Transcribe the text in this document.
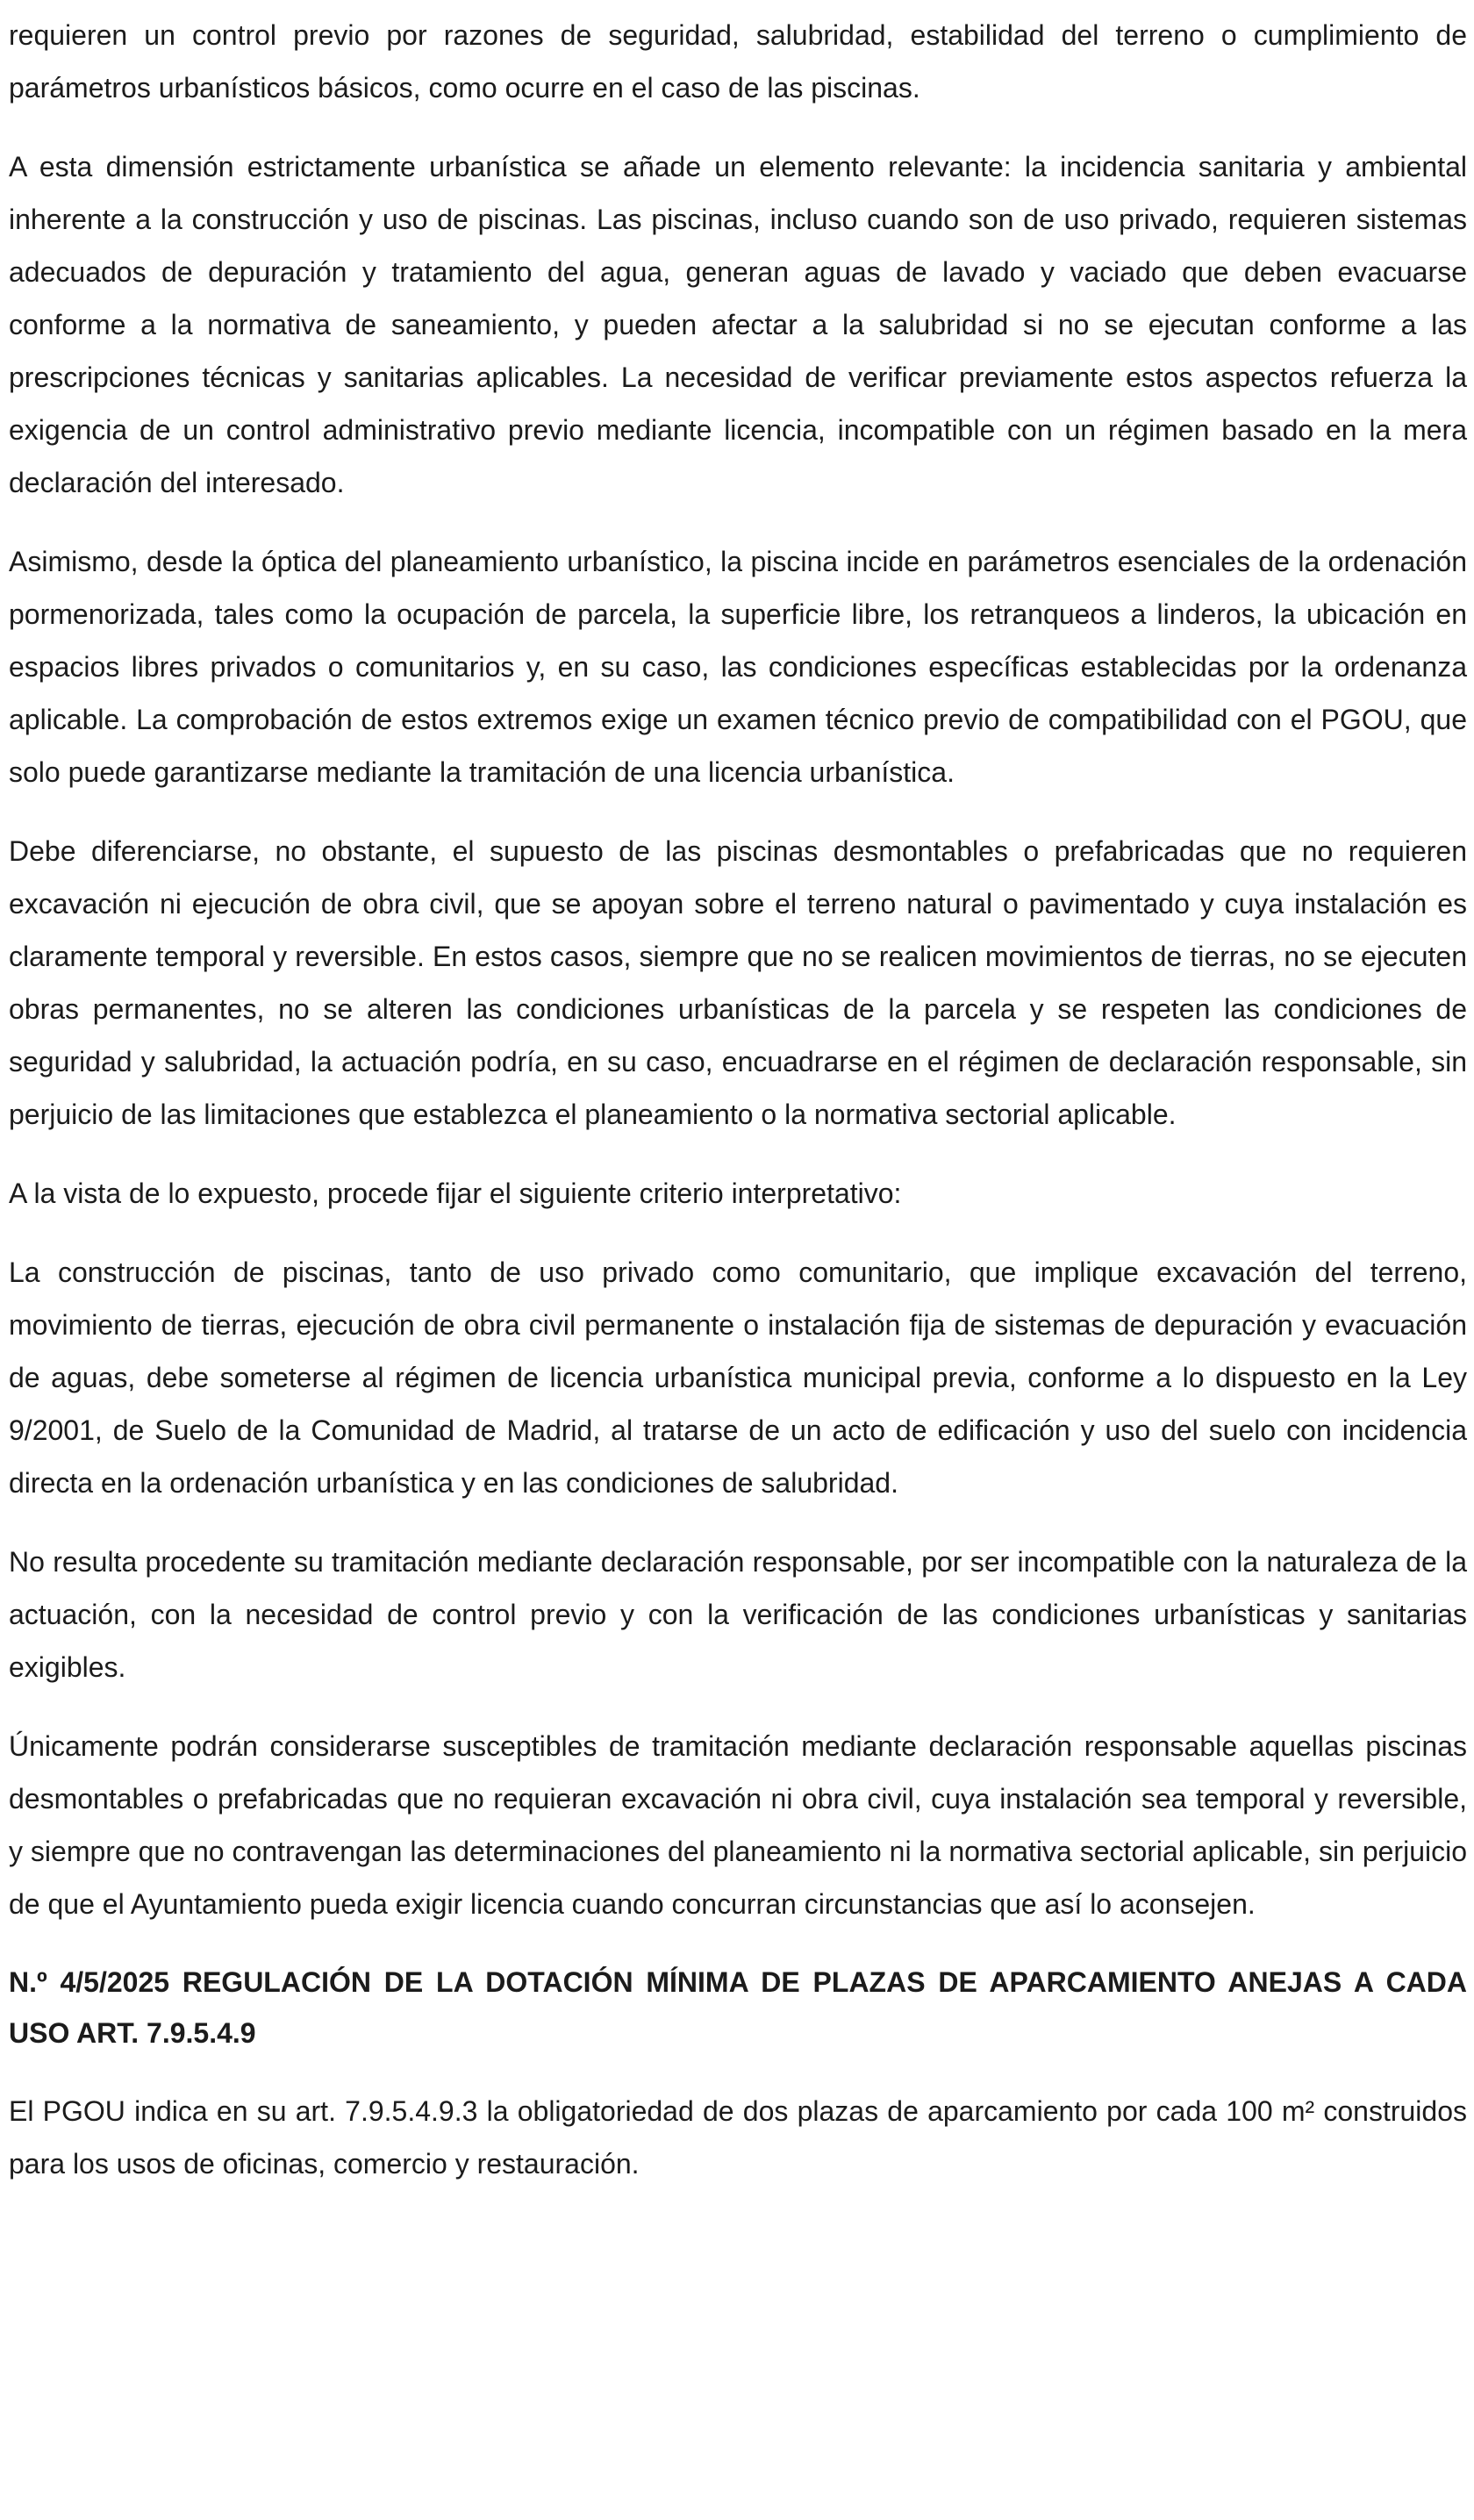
requieren un control previo por razones de seguridad, salubridad, estabilidad del terreno o cumplimiento de parámetros urbanísticos básicos, como ocurre en el caso de las piscinas.

A esta dimensión estrictamente urbanística se añade un elemento relevante: la incidencia sanitaria y ambiental inherente a la construcción y uso de piscinas. Las piscinas, incluso cuando son de uso privado, requieren sistemas adecuados de depuración y tratamiento del agua, generan aguas de lavado y vaciado que deben evacuarse conforme a la normativa de saneamiento, y pueden afectar a la salubridad si no se ejecutan conforme a las prescripciones técnicas y sanitarias aplicables. La necesidad de verificar previamente estos aspectos refuerza la exigencia de un control administrativo previo mediante licencia, incompatible con un régimen basado en la mera declaración del interesado.

Asimismo, desde la óptica del planeamiento urbanístico, la piscina incide en parámetros esenciales de la ordenación pormenorizada, tales como la ocupación de parcela, la superficie libre, los retranqueos a linderos, la ubicación en espacios libres privados o comunitarios y, en su caso, las condiciones específicas establecidas por la ordenanza aplicable. La comprobación de estos extremos exige un examen técnico previo de compatibilidad con el PGOU, que solo puede garantizarse mediante la tramitación de una licencia urbanística.

Debe diferenciarse, no obstante, el supuesto de las piscinas desmontables o prefabricadas que no requieren excavación ni ejecución de obra civil, que se apoyan sobre el terreno natural o pavimentado y cuya instalación es claramente temporal y reversible. En estos casos, siempre que no se realicen movimientos de tierras, no se ejecuten obras permanentes, no se alteren las condiciones urbanísticas de la parcela y se respeten las condiciones de seguridad y salubridad, la actuación podría, en su caso, encuadrarse en el régimen de declaración responsable, sin perjuicio de las limitaciones que establezca el planeamiento o la normativa sectorial aplicable.

A la vista de lo expuesto, procede fijar el siguiente criterio interpretativo:

La construcción de piscinas, tanto de uso privado como comunitario, que implique excavación del terreno, movimiento de tierras, ejecución de obra civil permanente o instalación fija de sistemas de depuración y evacuación de aguas, debe someterse al régimen de licencia urbanística municipal previa, conforme a lo dispuesto en la Ley 9/2001, de Suelo de la Comunidad de Madrid, al tratarse de un acto de edificación y uso del suelo con incidencia directa en la ordenación urbanística y en las condiciones de salubridad.

No resulta procedente su tramitación mediante declaración responsable, por ser incompatible con la naturaleza de la actuación, con la necesidad de control previo y con la verificación de las condiciones urbanísticas y sanitarias exigibles.

Únicamente podrán considerarse susceptibles de tramitación mediante declaración responsable aquellas piscinas desmontables o prefabricadas que no requieran excavación ni obra civil, cuya instalación sea temporal y reversible, y siempre que no contravengan las determinaciones del planeamiento ni la normativa sectorial aplicable, sin perjuicio de que el Ayuntamiento pueda exigir licencia cuando concurran circunstancias que así lo aconsejen.

N.º 4/5/2025 REGULACIÓN DE LA DOTACIÓN MÍNIMA DE PLAZAS DE APARCAMIENTO ANEJAS A CADA USO ART. 7.9.5.4.9

El PGOU indica en su art. 7.9.5.4.9.3 la obligatoriedad de dos plazas de aparcamiento por cada 100 m² construidos para los usos de oficinas, comercio y restauración.
